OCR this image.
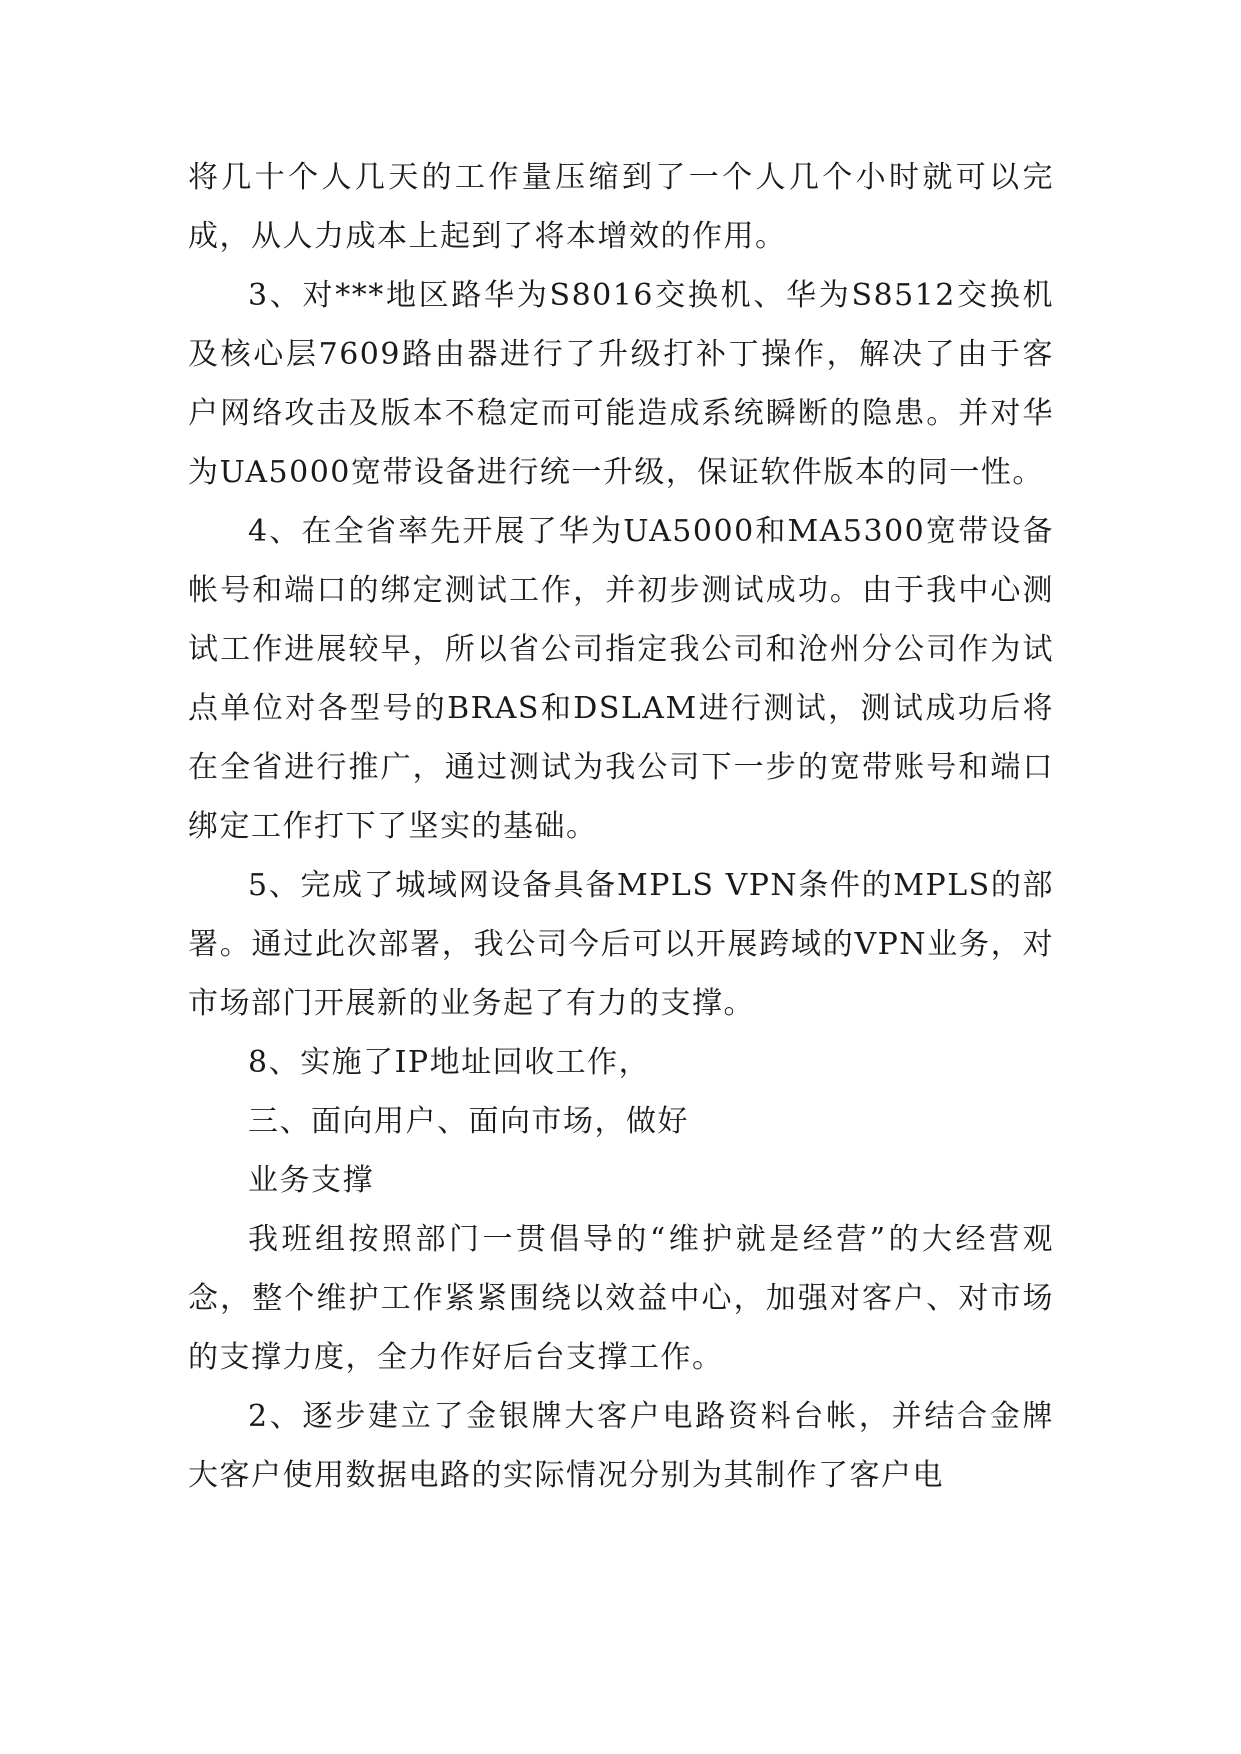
将几十个人几天的工作量压缩到了一个人几个小时就可以完成，从人力成本上起到了将本增效的作用。

3、对***地区路华为S8016交换机、华为S8512交换机及核心层7609路由器进行了升级打补丁操作，解决了由于客户网络攻击及版本不稳定而可能造成系统瞬断的隐患。并对华为UA5000宽带设备进行统一升级，保证软件版本的同一性。

4、在全省率先开展了华为UA5000和MA5300宽带设备帐号和端口的绑定测试工作，并初步测试成功。由于我中心测试工作进展较早，所以省公司指定我公司和沧州分公司作为试点单位对各型号的BRAS和DSLAM进行测试，测试成功后将在全省进行推广，通过测试为我公司下一步的宽带账号和端口绑定工作打下了坚实的基础。

5、完成了城域网设备具备MPLS VPN条件的MPLS的部署。通过此次部署，我公司今后可以开展跨域的VPN业务，对市场部门开展新的业务起了有力的支撑。

8、实施了IP地址回收工作，

三、面向用户、面向市场，做好

业务支撑

我班组按照部门一贯倡导的“维护就是经营”的大经营观念，整个维护工作紧紧围绕以效益中心，加强对客户、对市场的支撑力度，全力作好后台支撑工作。

2、逐步建立了金银牌大客户电路资料台帐，并结合金牌大客户使用数据电路的实际情况分别为其制作了客户电
